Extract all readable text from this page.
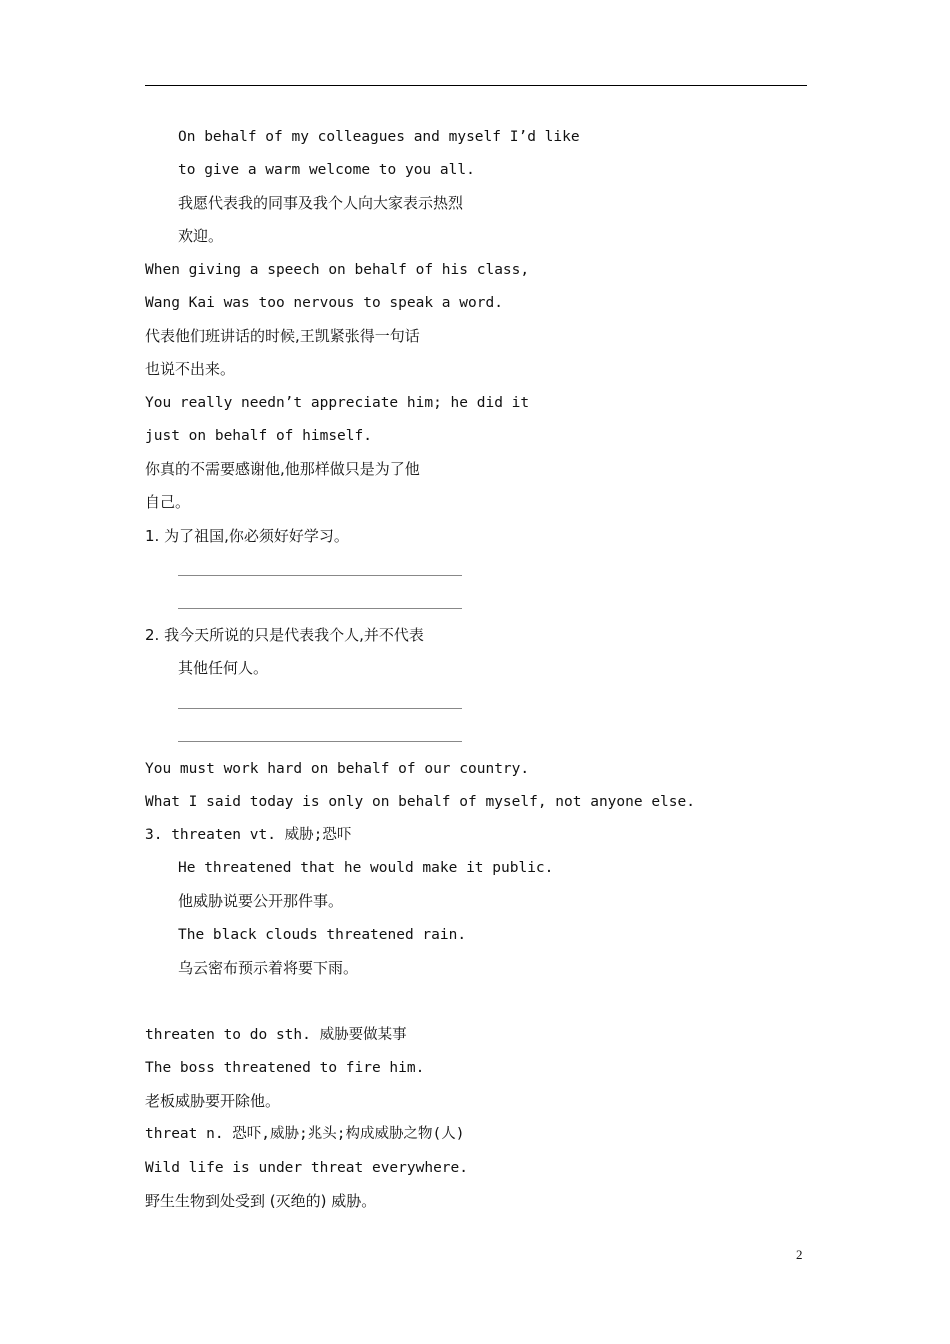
On behalf of my colleagues and myself I’d like
to give a warm welcome to you all.
我愿代表我的同事及我个人向大家表示热烈
欢迎。
When giving a speech on behalf of his class,
Wang Kai was too nervous to speak a word.
代表他们班讲话的时候,王凯紧张得一句话
也说不出来。
You really needn’t appreciate him; he did it
just on behalf of himself.
你真的不需要感谢他,他那样做只是为了他
自己。
1. 为了祖国,你必须好好学习。
2. 我今天所说的只是代表我个人,并不代表
其他任何人。
You must work hard on behalf of our country.
What I said today is only on behalf of myself, not anyone else.
3. threaten vt. 威胁;恐吓
He threatened that he would make it public.
他威胁说要公开那件事。
The black clouds threatened rain.
乌云密布预示着将要下雨。
threaten to do sth. 威胁要做某事
The boss threatened to fire him.
老板威胁要开除他。
threat n. 恐吓,威胁;兆头;构成威胁之物(人)
Wild life is under threat everywhere.
野生生物到处受到 (灭绝的) 威胁。
2
